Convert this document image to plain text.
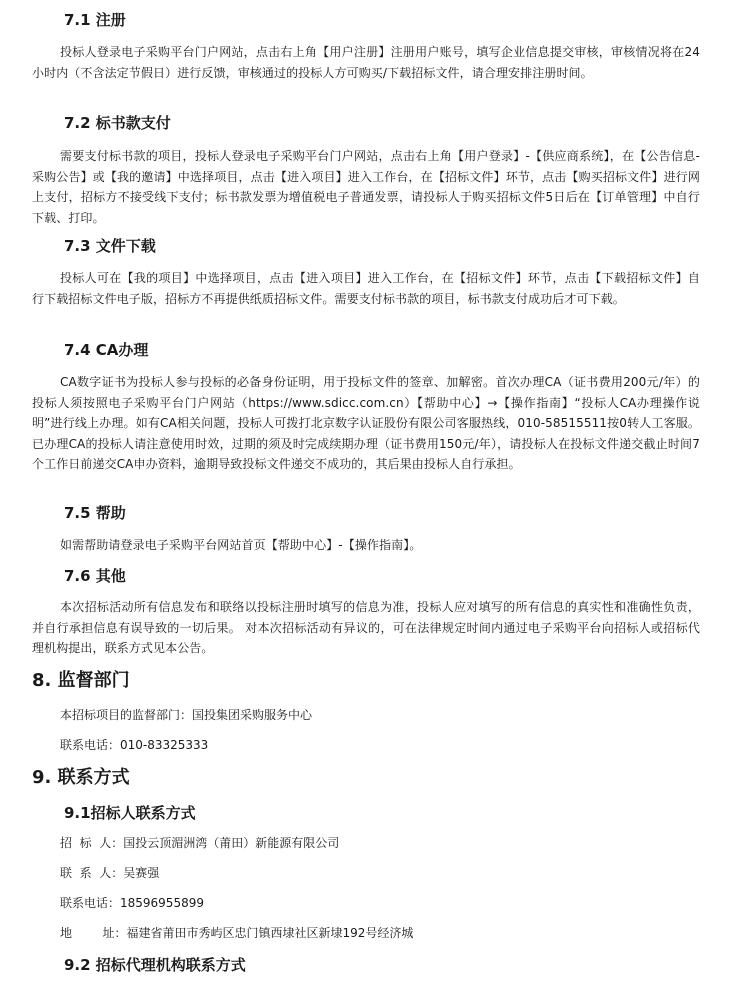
7.1 注册
投标人登录电子采购平台门户网站，点击右上角【用户注册】注册用户账号，填写企业信息提交审核，审核情况将在24小时内（不含法定节假日）进行反馈，审核通过的投标人方可购买/下载招标文件，请合理安排注册时间。
7.2 标书款支付
需要支付标书款的项目，投标人登录电子采购平台门户网站，点击右上角【用户登录】-【供应商系统】，在【公告信息-采购公告】或【我的邀请】中选择项目，点击【进入项目】进入工作台，在【招标文件】环节，点击【购买招标文件】进行网上支付，招标方不接受线下支付；标书款发票为增值税电子普通发票，请投标人于购买招标文件5日后在【订单管理】中自行下载、打印。
7.3 文件下载
投标人可在【我的项目】中选择项目，点击【进入项目】进入工作台，在【招标文件】环节，点击【下载招标文件】自行下载招标文件电子版，招标方不再提供纸质招标文件。需要支付标书款的项目，标书款支付成功后才可下载。
7.4 CA办理
CA数字证书为投标人参与投标的必备身份证明，用于投标文件的签章、加解密。首次办理CA（证书费用200元/年）的投标人须按照电子采购平台门户网站（https://www.sdicc.com.cn）【帮助中心】→【操作指南】“投标人CA办理操作说明”进行线上办理。如有CA相关问题，投标人可拨打北京数字认证股份有限公司客服热线，010-58515511按0转人工客服。已办理CA的投标人请注意使用时效，过期的须及时完成续期办理（证书费用150元/年），请投标人在投标文件递交截止时间7个工作日前递交CA申办资料，逾期导致投标文件递交不成功的，其后果由投标人自行承担。
7.5 帮助
如需帮助请登录电子采购平台网站首页【帮助中心】-【操作指南】。
7.6 其他
本次招标活动所有信息发布和联络以投标注册时填写的信息为准，投标人应对填写的所有信息的真实性和准确性负责，并自行承担信息有误导致的一切后果。 对本次招标活动有异议的，可在法律规定时间内通过电子采购平台向招标人或招标代理机构提出，联系方式见本公告。
8. 监督部门
本招标项目的监督部门：国投集团采购服务中心
联系电话：010-83325333
9. 联系方式
9.1招标人联系方式
招  标  人：国投云顶湄洲湾（莆田）新能源有限公司
联  系  人：吴赛强
联系电话：18596955899
地        址：福建省莆田市秀屿区忠门镇西埭社区新埭192号经济城
9.2 招标代理机构联系方式
